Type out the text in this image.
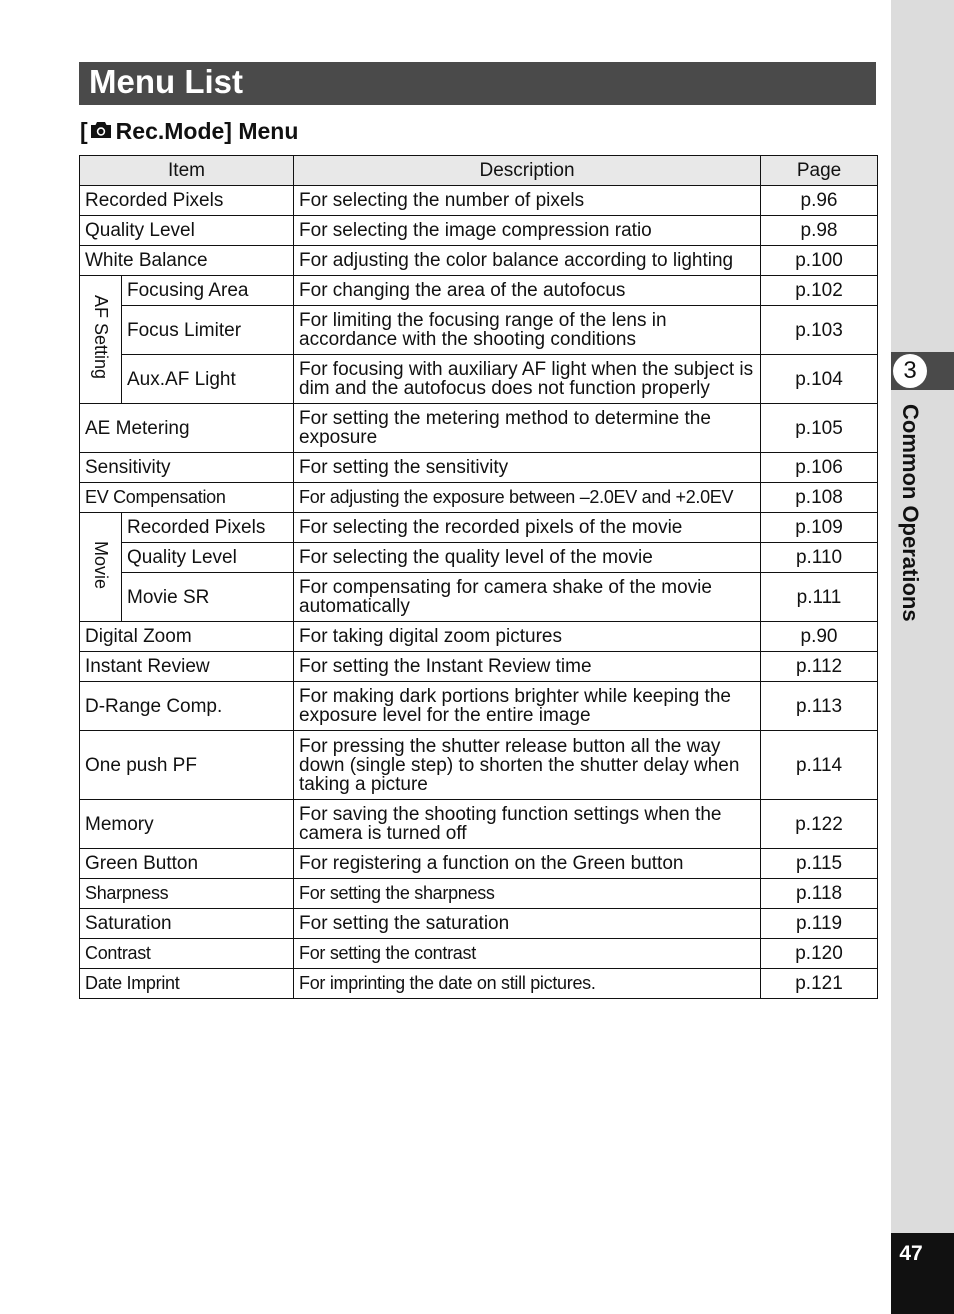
Menu List
[ Rec.Mode] Menu
Item		Description	Page
Recorded Pixels		For selecting the number of pixels	p.96
Quality Level		For selecting the image compression ratio	p.98
White Balance		For adjusting the color balance according to lighting	p.100
AF Setting	Focusing Area	For changing the area of the autofocus	p.102
	Focus Limiter	For limiting the focusing range of the lens in accordance with the shooting conditions	p.103
	Aux.AF Light	For focusing with auxiliary AF light when the subject is dim and the autofocus does not function properly	p.104
AE Metering		For setting the metering method to determine the exposure	p.105
Sensitivity		For setting the sensitivity	p.106
EV Compensation		For adjusting the exposure between –2.0EV and +2.0EV	p.108
Movie	Recorded Pixels	For selecting the recorded pixels of the movie	p.109
	Quality Level	For selecting the quality level of the movie	p.110
	Movie SR	For compensating for camera shake of the movie automatically	p.111
Digital Zoom		For taking digital zoom pictures	p.90
Instant Review		For setting the Instant Review time	p.112
D-Range Comp.		For making dark portions brighter while keeping the exposure level for the entire image	p.113
One push PF		For pressing the shutter release button all the way down (single step) to shorten the shutter delay when taking a picture	p.114
Memory		For saving the shooting function settings when the camera is turned off	p.122
Green Button		For registering a function on the Green button	p.115
Sharpness		For setting the sharpness	p.118
Saturation		For setting the saturation	p.119
Contrast		For setting the contrast	p.120
Date Imprint		For imprinting the date on still pictures.	p.121
3
Common Operations
47
